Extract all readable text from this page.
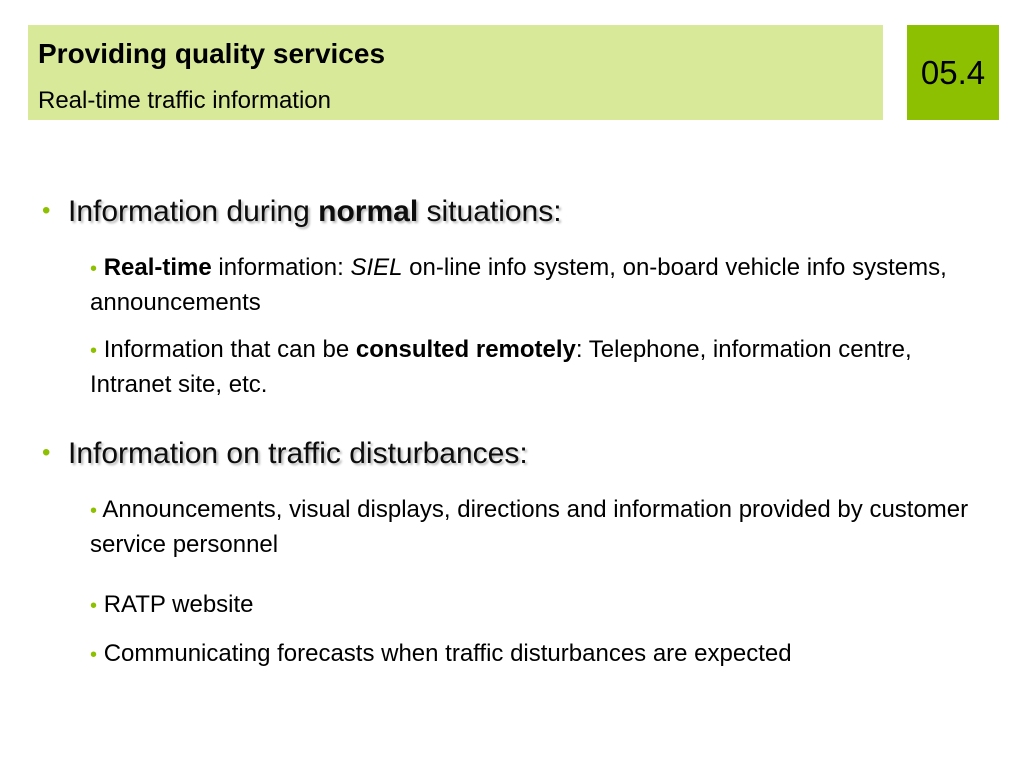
Providing quality services
Real-time traffic information
05.4
• Information during normal situations:
• Real-time information: SIEL on-line info system, on-board vehicle info systems, announcements
• Information that can be consulted remotely: Telephone, information centre, Intranet site, etc.
• Information on traffic disturbances:
• Announcements, visual displays, directions and information provided by customer service personnel
• RATP website
• Communicating forecasts when traffic disturbances are expected
